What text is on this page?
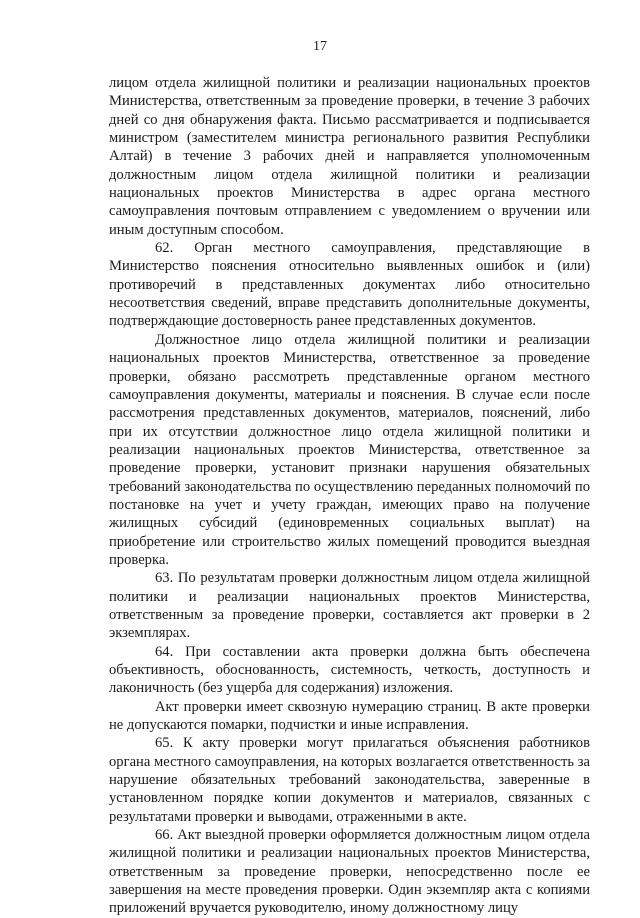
17

лицом отдела жилищной политики и реализации национальных проектов Министерства, ответственным за проведение проверки, в течение 3 рабочих дней со дня обнаружения факта. Письмо рассматривается и подписывается министром (заместителем министра регионального развития Республики Алтай) в течение 3 рабочих дней и направляется уполномоченным должностным лицом отдела жилищной политики и реализации национальных проектов Министерства в адрес органа местного самоуправления почтовым отправлением с уведомлением о вручении или иным доступным способом.

62. Орган местного самоуправления, представляющие в Министерство пояснения относительно выявленных ошибок и (или) противоречий в представленных документах либо относительно несоответствия сведений, вправе представить дополнительные документы, подтверждающие достоверность ранее представленных документов.

Должностное лицо отдела жилищной политики и реализации национальных проектов Министерства, ответственное за проведение проверки, обязано рассмотреть представленные органом местного самоуправления документы, материалы и пояснения. В случае если после рассмотрения представленных документов, материалов, пояснений, либо при их отсутствии должностное лицо отдела жилищной политики и реализации национальных проектов Министерства, ответственное за проведение проверки, установит признаки нарушения обязательных требований законодательства по осуществлению переданных полномочий по постановке на учет и учету граждан, имеющих право на получение жилищных субсидий (единовременных социальных выплат) на приобретение или строительство жилых помещений проводится выездная проверка.

63. По результатам проверки должностным лицом отдела жилищной политики и реализации национальных проектов Министерства, ответственным за проведение проверки, составляется акт проверки в 2 экземплярах.

64. При составлении акта проверки должна быть обеспечена объективность, обоснованность, системность, четкость, доступность и лаконичность (без ущерба для содержания) изложения.

Акт проверки имеет сквозную нумерацию страниц. В акте проверки не допускаются помарки, подчистки и иные исправления.

65. К акту проверки могут прилагаться объяснения работников органа местного самоуправления, на которых возлагается ответственность за нарушение обязательных требований законодательства, заверенные в установленном порядке копии документов и материалов, связанных с результатами проверки и выводами, отраженными в акте.

66. Акт выездной проверки оформляется должностным лицом отдела жилищной политики и реализации национальных проектов Министерства, ответственным за проведение проверки, непосредственно после ее завершения на месте проведения проверки. Один экземпляр акта с копиями приложений вручается руководителю, иному должностному лицу
